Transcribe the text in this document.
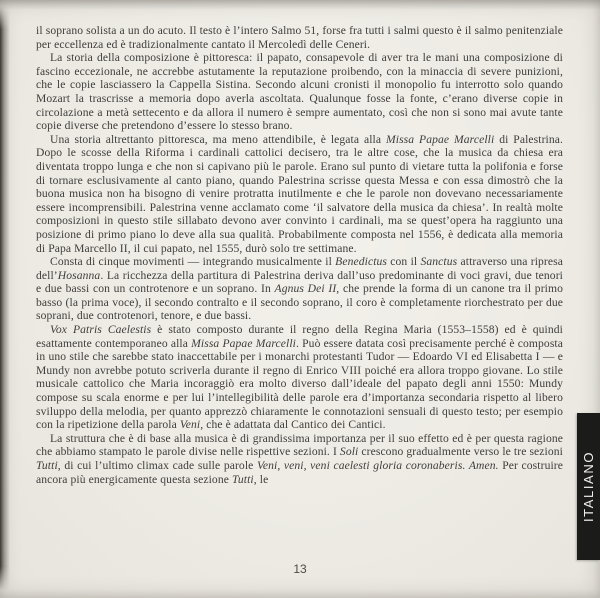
il soprano solista a un do acuto. Il testo è l’intero Salmo 51, forse fra tutti i salmi questo è il salmo penitenziale per eccellenza ed è tradizionalmente cantato il Mercoledì delle Ceneri.

La storia della composizione è pittoresca: il papato, consapevole di aver tra le mani una composizione di fascino eccezionale, ne accrebbe astutamente la reputazione proibendo, con la minaccia di severe punizioni, che le copie lasciassero la Cappella Sistina. Secondo alcuni cronisti il monopolio fu interrotto solo quando Mozart la trascrisse a memoria dopo averla ascoltata. Qualunque fosse la fonte, c’erano diverse copie in circolazione a metà settecento e da allora il numero è sempre aumentato, così che non si sono mai avute tante copie diverse che pretendono d’essere lo stesso brano.

Una storia altrettanto pittoresca, ma meno attendibile, è legata alla Missa Papae Marcelli di Palestrina. Dopo le scosse della Riforma i cardinali cattolici decisero, tra le altre cose, che la musica da chiesa era diventata troppo lunga e che non si capivano più le parole. Erano sul punto di vietare tutta la polifonia e forse di tornare esclusivamente al canto piano, quando Palestrina scrisse questa Messa e con essa dimostrò che la buona musica non ha bisogno di venire protratta inutilmente e che le parole non dovevano necessariamente essere incomprensibili. Palestrina venne acclamato come ‘il salvatore della musica da chiesa’. In realtà molte composizioni in questo stile sillabato devono aver convinto i cardinali, ma se quest’opera ha raggiunto una posizione di primo piano lo deve alla sua qualità. Probabilmente composta nel 1556, è dedicata alla memoria di Papa Marcello II, il cui papato, nel 1555, durò solo tre settimane.

Consta di cinque movimenti — integrando musicalmente il Benedictus con il Sanctus attraverso una ripresa dell’Hosanna. La ricchezza della partitura di Palestrina deriva dall’uso predominante di voci gravi, due tenori e due bassi con un controtenore e un soprano. In Agnus Dei II, che prende la forma di un canone tra il primo basso (la prima voce), il secondo contralto e il secondo soprano, il coro è completamente riorchestrato per due soprani, due controtenori, tenore, e due bassi.

Vox Patris Caelestis è stato composto durante il regno della Regina Maria (1553–1558) ed è quindi esattamente contemporaneo alla Missa Papae Marcelli. Può essere datata così precisamente perché è composta in uno stile che sarebbe stato inaccettabile per i monarchi protestanti Tudor — Edoardo VI ed Elisabetta I — e Mundy non avrebbe potuto scriverla durante il regno di Enrico VIII poiché era allora troppo giovane. Lo stile musicale cattolico che Maria incoraggiò era molto diverso dall’ideale del papato degli anni 1550: Mundy compose su scala enorme e per lui l’intellegibilità delle parole era d’importanza secondaria rispetto al libero sviluppo della melodia, per quanto apprezzò chiaramente le connotazioni sensuali di questo testo; per esempio con la ripetizione della parola Veni, che è adattata dal Cantico dei Cantici.

La struttura che è di base alla musica è di grandissima importanza per il suo effetto ed è per questa ragione che abbiamo stampato le parole divise nelle rispettive sezioni. I Soli crescono gradualmente verso le tre sezioni Tutti, di cui l’ultimo climax cade sulle parole Veni, veni, veni caelesti gloria coronaberis. Amen. Per costruire ancora più energicamente questa sezione Tutti, le	ITALIANO
13
